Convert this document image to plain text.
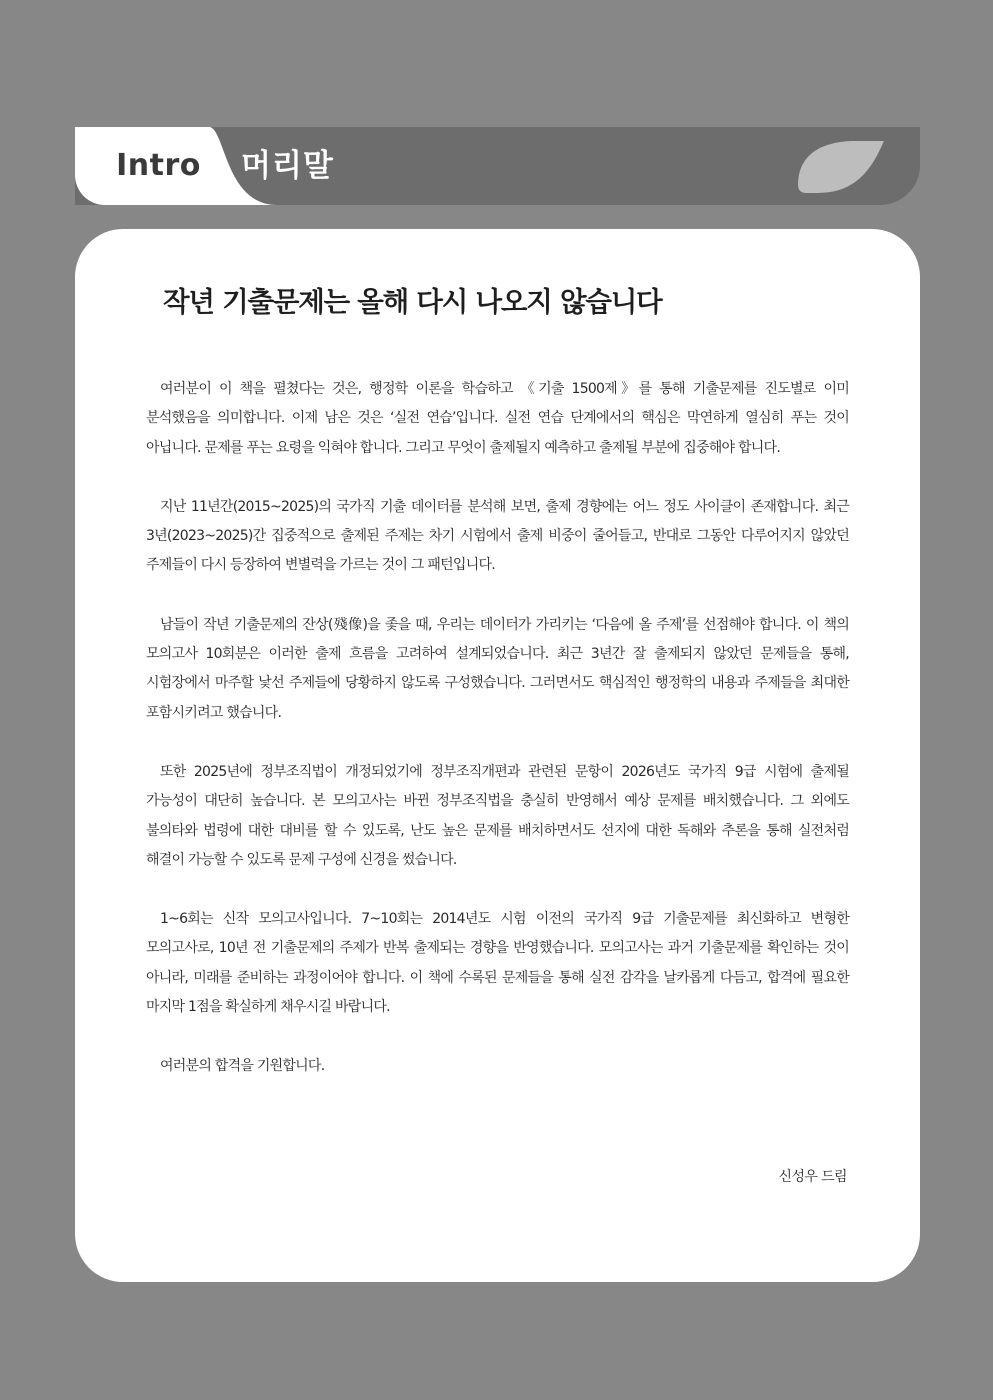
Intro 머리말
작년 기출문제는 올해 다시 나오지 않습니다

여러분이 이 책을 펼쳤다는 것은, 행정학 이론을 학습하고 《기출 1500제》를 통해 기출문제를 진도별로 이미 분석했음을 의미합니다. 이제 남은 것은 ‘실전 연습’입니다. 실전 연습 단계에서의 핵심은 막연하게 열심히 푸는 것이 아닙니다. 문제를 푸는 요령을 익혀야 합니다. 그리고 무엇이 출제될지 예측하고 출제될 부분에 집중해야 합니다.

지난 11년간(2015~2025)의 국가직 기출 데이터를 분석해 보면, 출제 경향에는 어느 정도 사이클이 존재합니다. 최근 3년(2023~2025)간 집중적으로 출제된 주제는 차기 시험에서 출제 비중이 줄어들고, 반대로 그동안 다루어지지 않았던 주제들이 다시 등장하여 변별력을 가르는 것이 그 패턴입니다.

남들이 작년 기출문제의 잔상(殘像)을 좇을 때, 우리는 데이터가 가리키는 ‘다음에 올 주제’를 선점해야 합니다. 이 책의 모의고사 10회분은 이러한 출제 흐름을 고려하여 설계되었습니다. 최근 3년간 잘 출제되지 않았던 문제들을 통해, 시험장에서 마주할 낯선 주제들에 당황하지 않도록 구성했습니다. 그러면서도 핵심적인 행정학의 내용과 주제들을 최대한 포함시키려고 했습니다.

또한 2025년에 정부조직법이 개정되었기에 정부조직개편과 관련된 문항이 2026년도 국가직 9급 시험에 출제될 가능성이 대단히 높습니다. 본 모의고사는 바뀐 정부조직법을 충실히 반영해서 예상 문제를 배치했습니다. 그 외에도 불의타와 법령에 대한 대비를 할 수 있도록, 난도 높은 문제를 배치하면서도 선지에 대한 독해와 추론을 통해 실전처럼 해결이 가능할 수 있도록 문제 구성에 신경을 썼습니다.

1~6회는 신작 모의고사입니다. 7~10회는 2014년도 시험 이전의 국가직 9급 기출문제를 최신화하고 변형한 모의고사로, 10년 전 기출문제의 주제가 반복 출제되는 경향을 반영했습니다. 모의고사는 과거 기출문제를 확인하는 것이 아니라, 미래를 준비하는 과정이어야 합니다. 이 책에 수록된 문제들을 통해 실전 감각을 날카롭게 다듬고, 합격에 필요한 마지막 1점을 확실하게 채우시길 바랍니다.

여러분의 합격을 기원합니다.

신성우 드림
